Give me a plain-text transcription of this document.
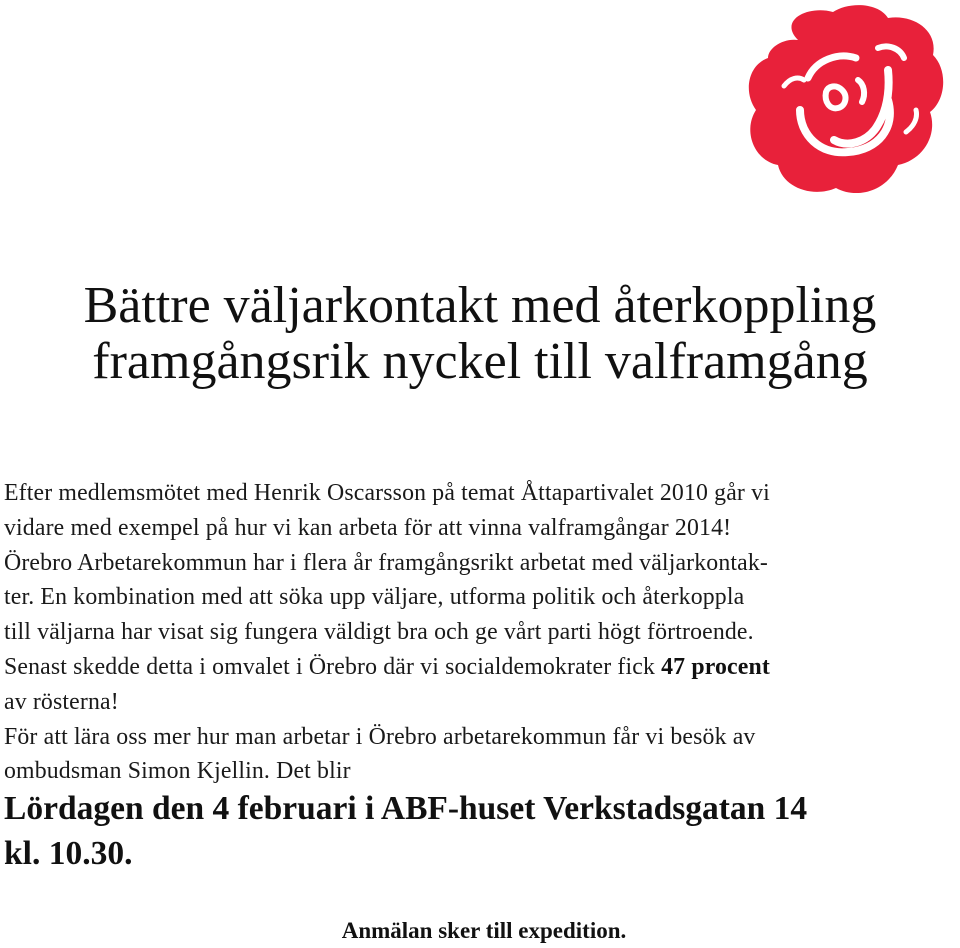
Bättre väljarkontakt med återkoppling
framgångsrik nyckel till valframgång

Efter medlemsmötet med Henrik Oscarsson på temat Åttapartivalet 2010 går vi

vidare med exempel på hur vi kan arbeta för att vinna valframgångar 2014!

Örebro Arbetarekommun har i flera år framgångsrikt arbetat med väljarkontak-

ter. En kombination med att söka upp väljare, utforma politik och återkoppla

till väljarna har visat sig fungera väldigt bra och ge vårt parti högt förtroende.

Senast skedde detta i omvalet i Örebro där vi socialdemokrater fick 47 procent

av rösterna!

För att lära oss mer hur man arbetar i Örebro arbetarekommun får vi besök av

ombudsman Simon Kjellin. Det blir

Lördagen den 4 februari i ABF-huset Verkstadsgatan 14
kl. 10.30.
Anmälan sker till expedition.
